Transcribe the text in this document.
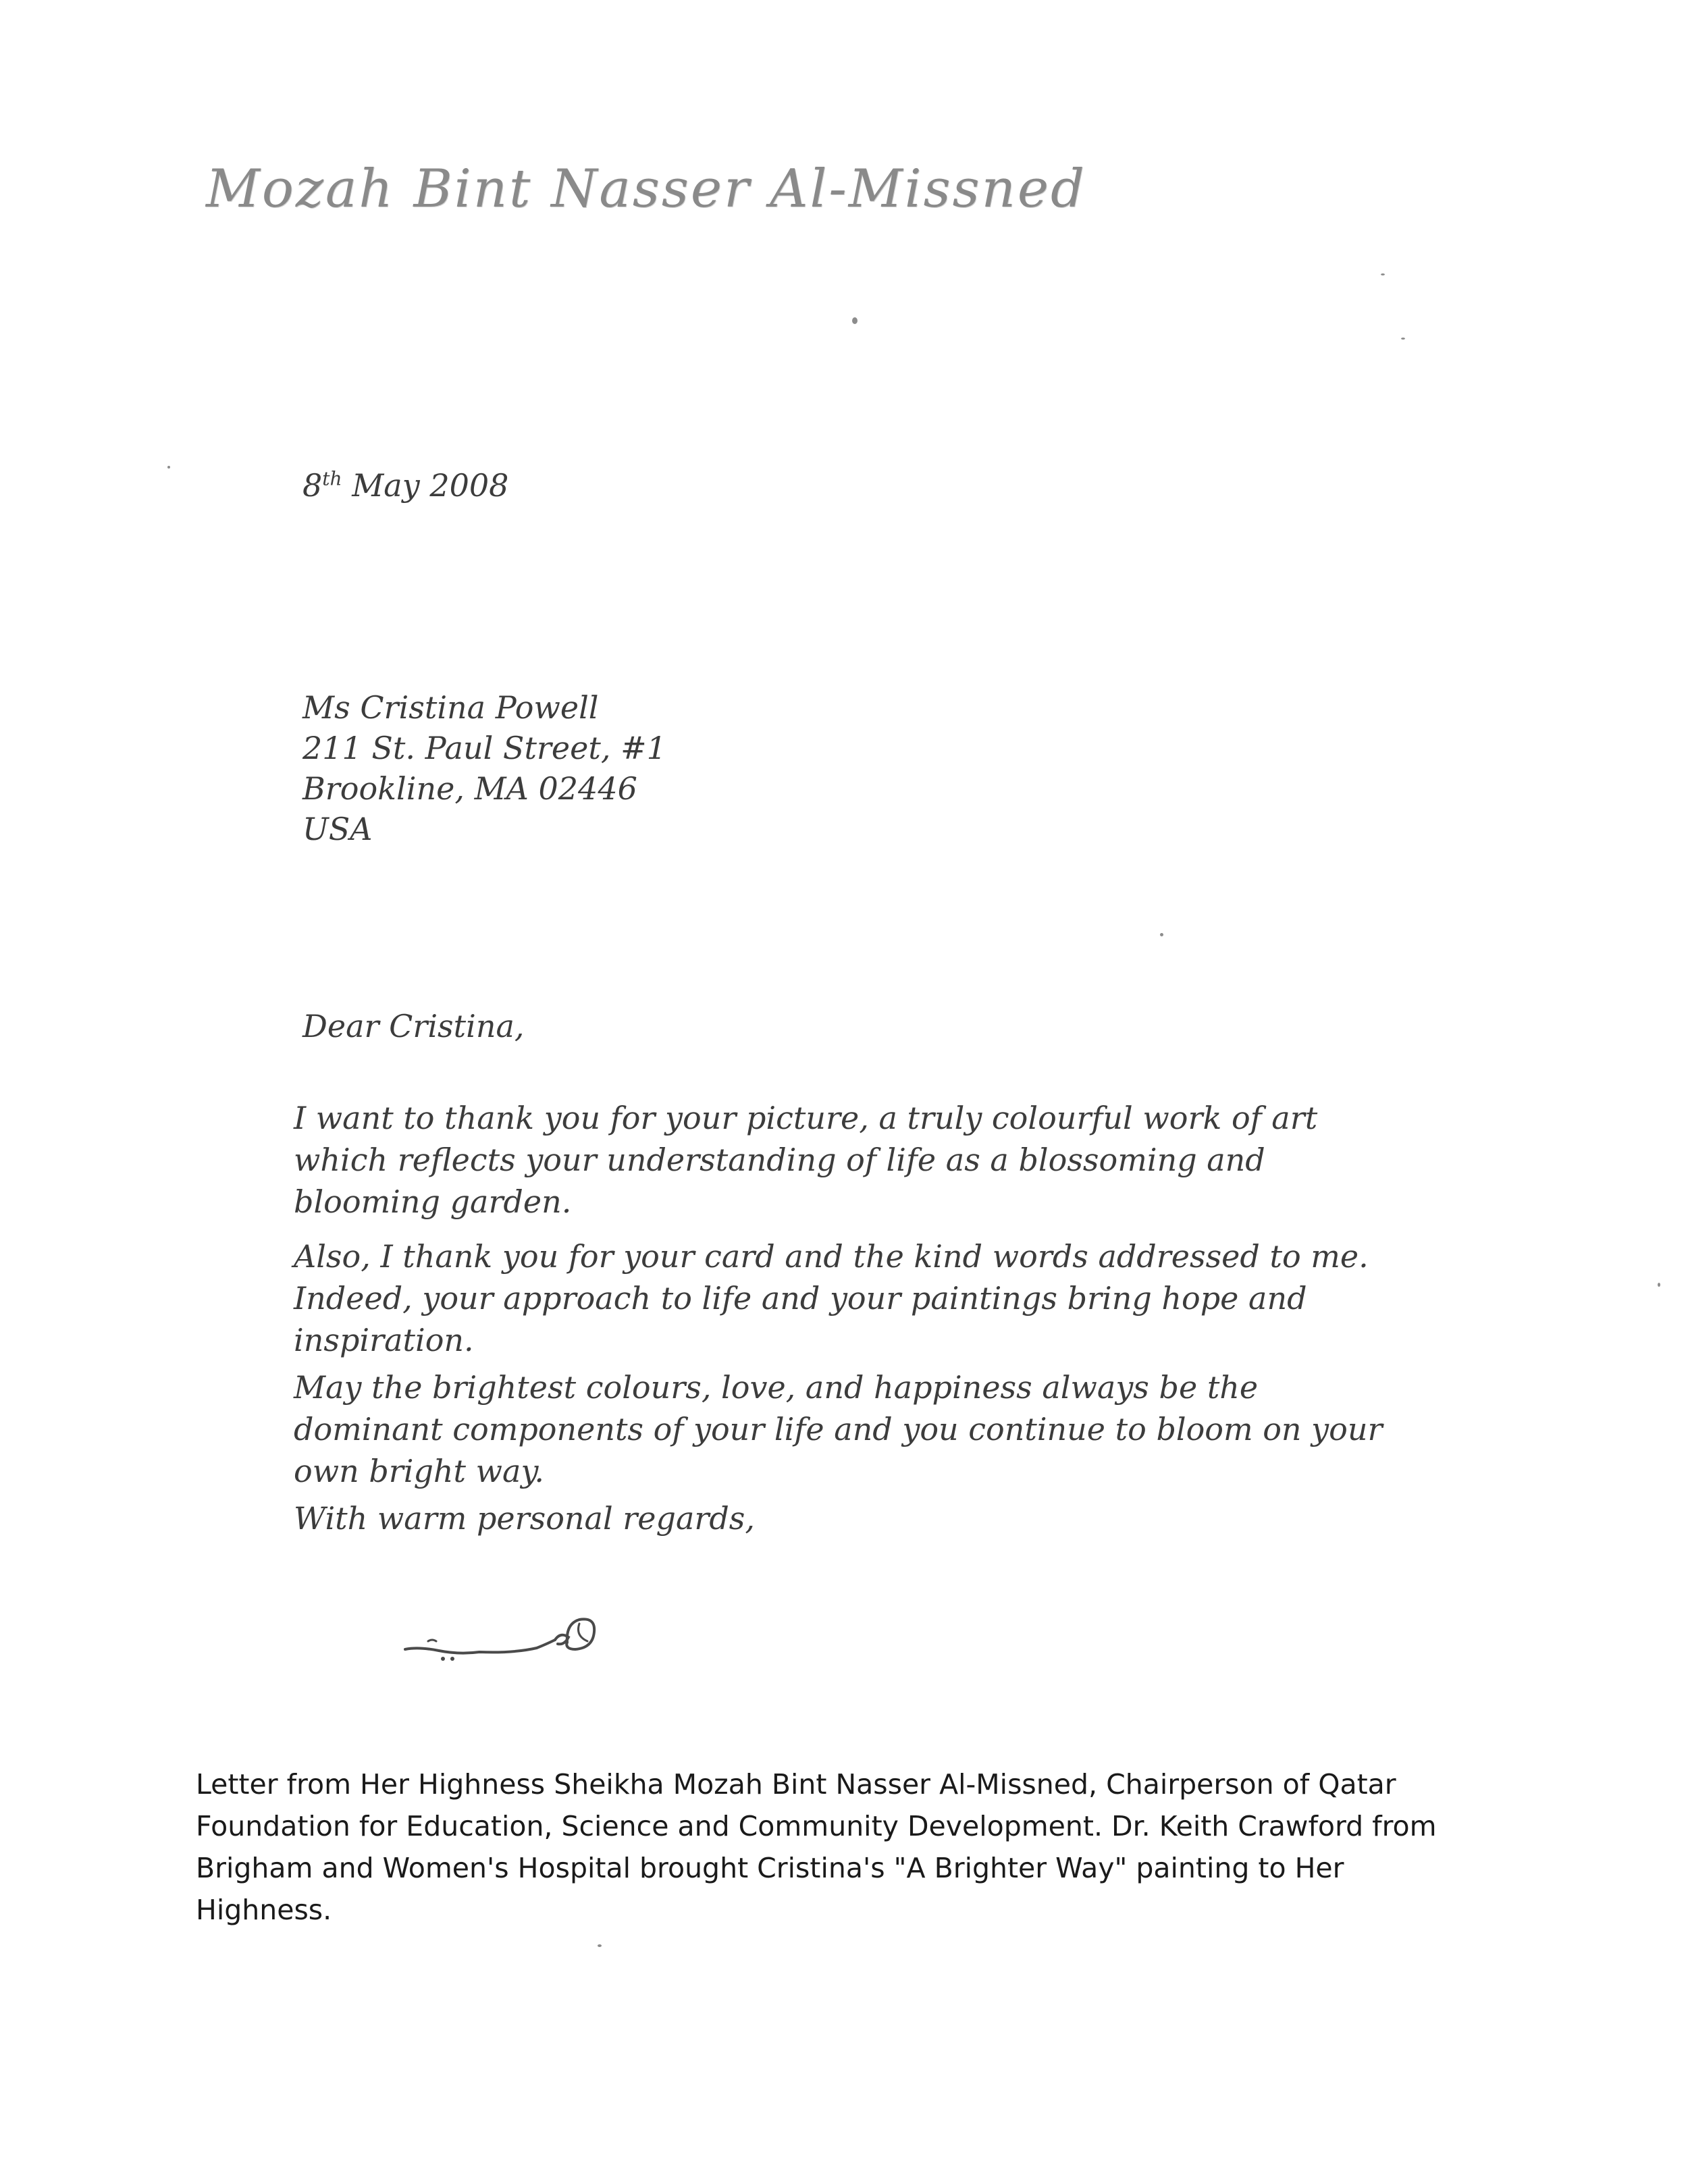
Mozah Bint Nasser Al-Missned
8th May 2008
Ms Cristina Powell
211 St. Paul Street, #1
Brookline, MA 02446
USA
Dear Cristina,
I want to thank you for your picture, a truly colourful work of art which reflects your understanding of life as a blossoming and blooming garden.
Also, I thank you for your card and the kind words addressed to me. Indeed, your approach to life and your paintings bring hope and inspiration.
May the brightest colours, love, and happiness always be the dominant components of your life and you continue to bloom on your own bright way.
With warm personal regards,
Letter from Her Highness Sheikha Mozah Bint Nasser Al-Missned, Chairperson of Qatar Foundation for Education, Science and Community Development. Dr. Keith Crawford from Brigham and Women's Hospital brought Cristina's "A Brighter Way" painting to Her Highness.
